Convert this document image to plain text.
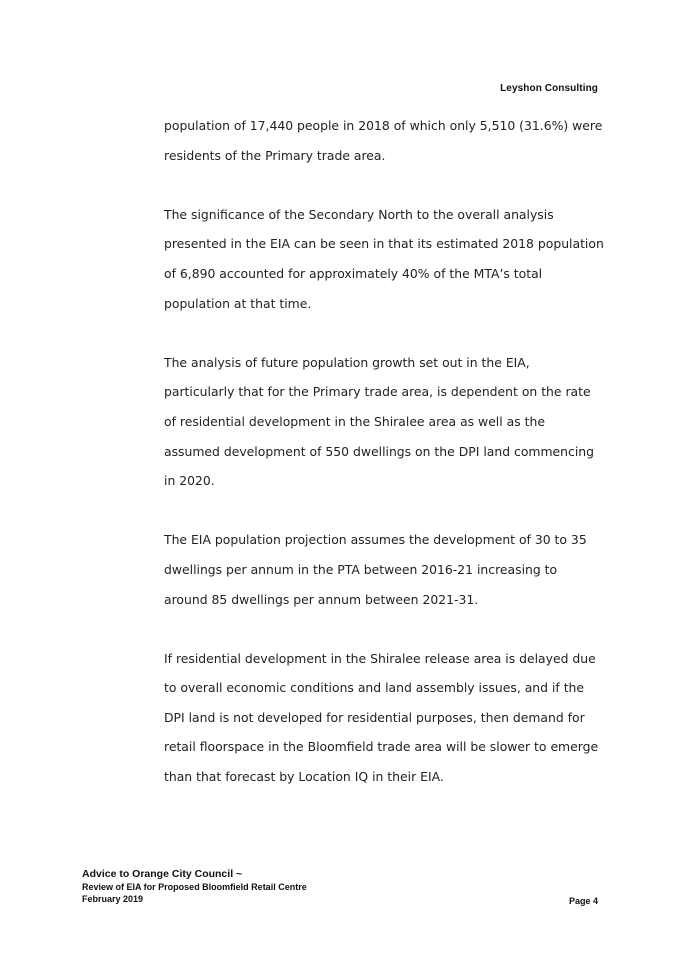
Leyshon Consulting

population of 17,440 people in 2018 of which only 5,510 (31.6%) were residents of the Primary trade area.

The significance of the Secondary North to the overall analysis presented in the EIA can be seen in that its estimated 2018 population of 6,890 accounted for approximately 40% of the MTA’s total population at that time.

The analysis of future population growth set out in the EIA, particularly that for the Primary trade area, is dependent on the rate of residential development in the Shiralee area as well as the assumed development of 550 dwellings on the DPI land commencing in 2020.

The EIA population projection assumes the development of 30 to 35 dwellings per annum in the PTA between 2016-21 increasing to around 85 dwellings per annum between 2021-31.

If residential development in the Shiralee release area is delayed due to overall economic conditions and land assembly issues, and if the DPI land is not developed for residential purposes, then demand for retail floorspace in the Bloomfield trade area will be slower to emerge than that forecast by Location IQ in their EIA.

Advice to Orange City Council ~
Review of EIA for Proposed Bloomfield Retail Centre
February 2019	Page 4
